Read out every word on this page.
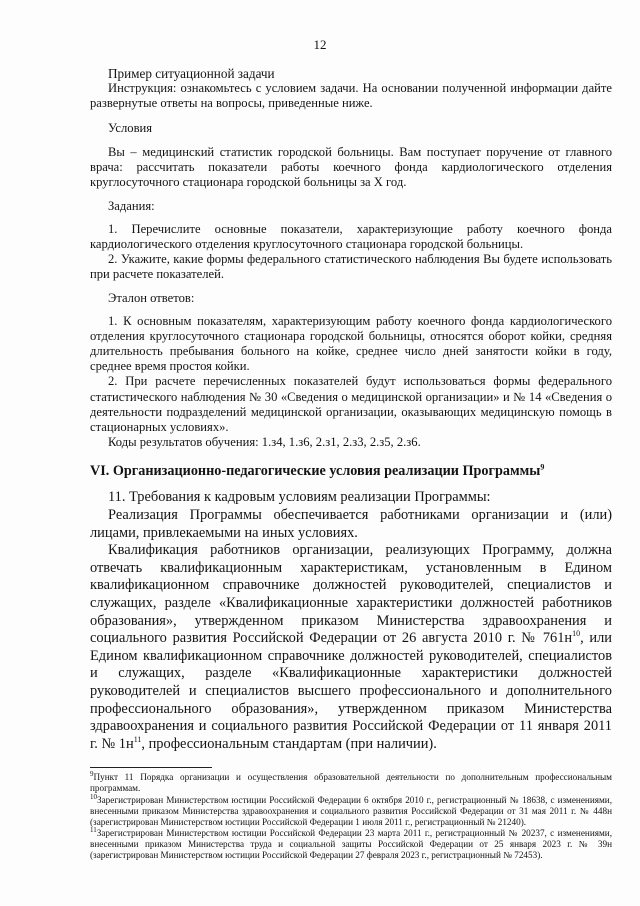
12

Пример ситуационной задачи

Инструкция: ознакомьтесь с условием задачи. На основании полученной информации дайте развернутые ответы на вопросы, приведенные ниже.

Условия

Вы – медицинский статистик городской больницы. Вам поступает поручение от главного врача: рассчитать показатели работы коечного фонда кардиологического отделения круглосуточного стационара городской больницы за Х год.

Задания:

1. Перечислите основные показатели, характеризующие работу коечного фонда кардиологического отделения круглосуточного стационара городской больницы.

2. Укажите, какие формы федерального статистического наблюдения Вы будете использовать при расчете показателей.

Эталон ответов:

1. К основным показателям, характеризующим работу коечного фонда кардиологического отделения круглосуточного стационара городской больницы, относятся оборот койки, средняя длительность пребывания больного на койке, среднее число дней занятости койки в году, среднее время простоя койки.

2. При расчете перечисленных показателей будут использоваться формы федерального статистического наблюдения № 30 «Сведения о медицинской организации» и № 14 «Сведения о деятельности подразделений медицинской организации, оказывающих медицинскую помощь в стационарных условиях».

Коды результатов обучения: 1.з4, 1.з6, 2.з1, 2.з3, 2.з5, 2.з6.

VI. Организационно-педагогические условия реализации Программы$^9$

11. Требования к кадровым условиям реализации Программы:

Реализация Программы обеспечивается работниками организации и (или) лицами, привлекаемыми на иных условиях.

Квалификация работников организации, реализующих Программу, должна отвечать квалификационным характеристикам, установленным в Едином квалификационном справочнике должностей руководителей, специалистов и служащих, разделе «Квалификационные характеристики должностей работников образования», утвержденном приказом Министерства здравоохранения и социального развития Российской Федерации от 26 августа 2010 г. № $761н^{10}$, или Едином квалификационном справочнике должностей руководителей, специалистов и служащих, разделе «Квалификационные характеристики должностей руководителей и специалистов высшего профессионального и дополнительного профессионального образования», утвержденном приказом Министерства здравоохранения и социального развития Российской Федерации от 11 января 2011 г. № $1н^{11}$, профессиональным стандартам (при наличии).

$^9$Пункт 11 Порядка организации и осуществления образовательной деятельности по дополнительным профессиональным программам.

$^{10}$Зарегистрирован Министерством юстиции Российской Федерации 6 октября 2010 г., регистрационный № 18638, с изменениями, внесенными приказом Министерства здравоохранения и социального развития Российской Федерации от 31 мая 2011 г. № 448н (зарегистрирован Министерством юстиции Российской Федерации 1 июля 2011 г., регистрационный № 21240).

$^{11}$Зарегистрирован Министерством юстиции Российской Федерации 23 марта 2011 г., регистрационный № 20237, с изменениями, внесенными приказом Министерства труда и социальной защиты Российской Федерации от 25 января 2023 г. № 39н (зарегистрирован Министерством юстиции Российской Федерации 27 февраля 2023 г., регистрационный № 72453).
